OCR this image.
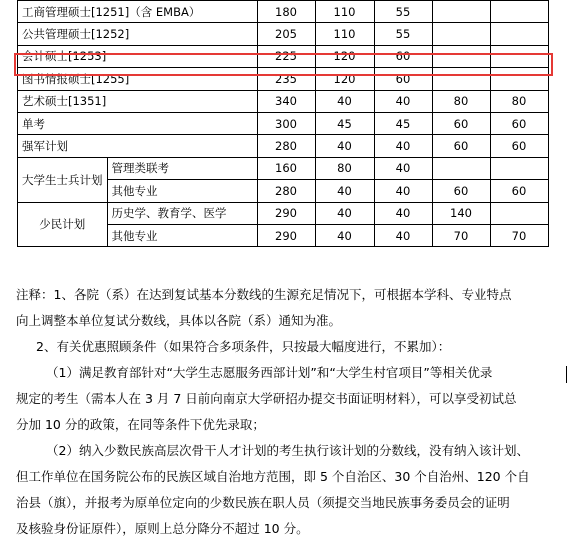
工商管理硕士[1251]（含 EMBA）		180	110	55		
公共管理硕士[1252]		205	110	55		
会计硕士[1253]		225	120	60		
图书情报硕士[1255]		235	120	60		
艺术硕士[1351]		340	40	40	80	80
单考		300	45	45	60	60
强军计划		280	40	40	60	60
大学生士兵计划	管理类联考	160	80	40		
	其他专业	280	40	40	60	60
少民计划	历史学、教育学、医学	290	40	40	140	
	其他专业	290	40	40	70	70

注释：1、各院（系）在达到复试基本分数线的生源充足情况下，可根据本学科、专业特点

向上调整本单位复试分数线，具体以各院（系）通知为准。

2、有关优惠照顾条件（如果符合多项条件，只按最大幅度进行，不累加）：

（1）满足教育部针对“大学生志愿服务西部计划”和“大学生村官项目”等相关优录

规定的考生（需本人在 3 月 7 日前向南京大学研招办提交书面证明材料），可以享受初试总

分加 10 分的政策，在同等条件下优先录取；

（2）纳入少数民族高层次骨干人才计划的考生执行该计划的分数线，没有纳入该计划、

但工作单位在国务院公布的民族区域自治地方范围，即 5 个自治区、30 个自治州、120 个自

治县（旗），并报考为原单位定向的少数民族在职人员（须提交当地民族事务委员会的证明

及核验身份证原件），原则上总分降分不超过 10 分。
